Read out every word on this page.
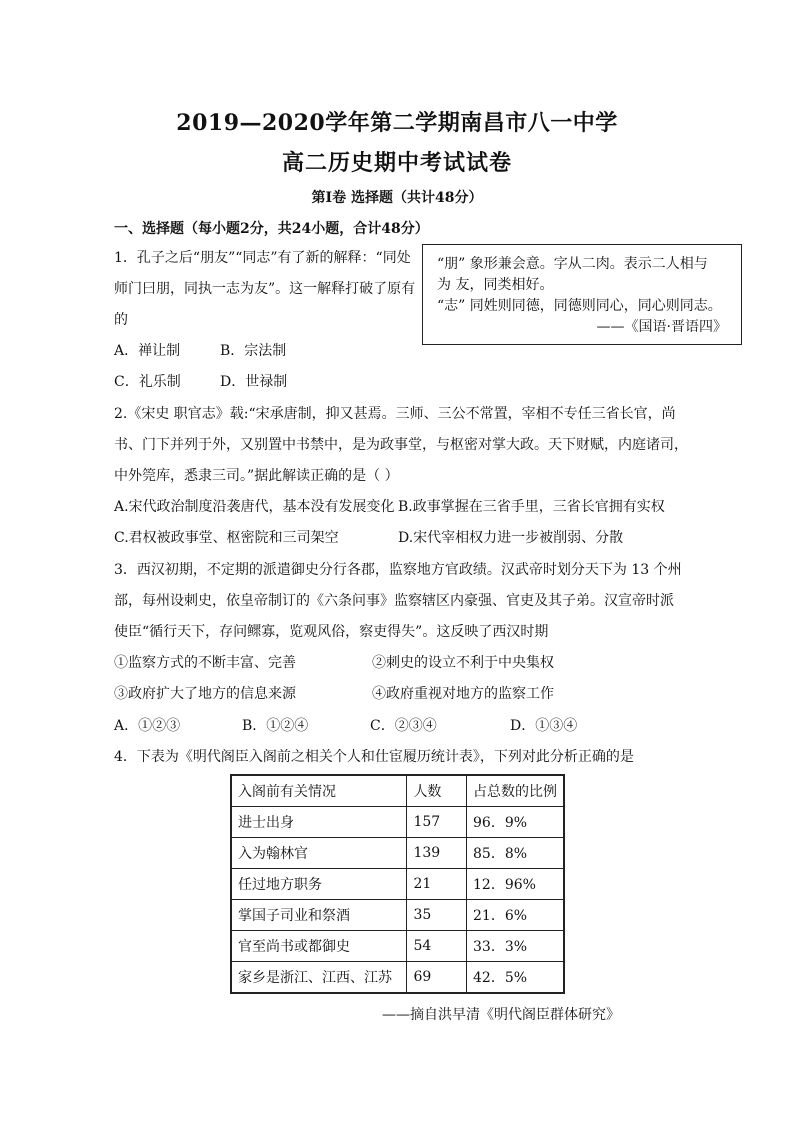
2019—2020学年第二学期南昌市八一中学
高二历史期中考试试卷
第Ⅰ卷 选择题（共计48分）
一、选择题（每小题2分，共24小题，合计48分）
1．孔子之后“朋友”“同志”有了新的解释：“同处
师门曰朋，同执一志为友”。这一解释打破了原有
的
A．禅让制	B．宗法制
C．礼乐制	D．世禄制
“朋” 象形兼会意。字从二肉。表示二人相与
为 友，同类相好。
“志” 同姓则同德，同德则同心，同心则同志。
——《国语·晋语四》
2.《宋史 职官志》载:“宋承唐制，抑又甚焉。三师、三公不常置，宰相不专任三省长官，尚
书、门下并列于外，又别置中书禁中，是为政事堂，与枢密对掌大政。天下财赋，内庭诸司，
中外筦库，悉隶三司。”据此解读正确的是（ ）
A.宋代政治制度沿袭唐代，基本没有发展变化 B.政事掌握在三省手里，三省长官拥有实权
C.君权被政事堂、枢密院和三司架空	D.宋代宰相权力进一步被削弱、分散
3．西汉初期，不定期的派遣御史分行各郡，监察地方官政绩。汉武帝时划分天下为 13 个州
部，每州设刺史，依皇帝制订的《六条问事》监察辖区内豪强、官吏及其子弟。汉宣帝时派
使臣“循行天下，存问鳏寡，览观风俗，察吏得失”。这反映了西汉时期
①监察方式的不断丰富、完善	②刺史的设立不利于中央集权
③政府扩大了地方的信息来源	④政府重视对地方的监察工作
A．①②③	B．①②④	C．②③④	D．①③④
4．下表为《明代阁臣入阁前之相关个人和仕宦履历统计表》，下列对此分析正确的是
入阁前有关情况	人数	占总数的比例
进士出身	157	96．9%
入为翰林官	139	85．8%
任过地方职务	21	12．96%
掌国子司业和祭酒	35	21．6%
官至尚书或都御史	54	33．3%
家乡是浙江、江西、江苏	69	42．5%
——摘自洪早清《明代阁臣群体研究》
